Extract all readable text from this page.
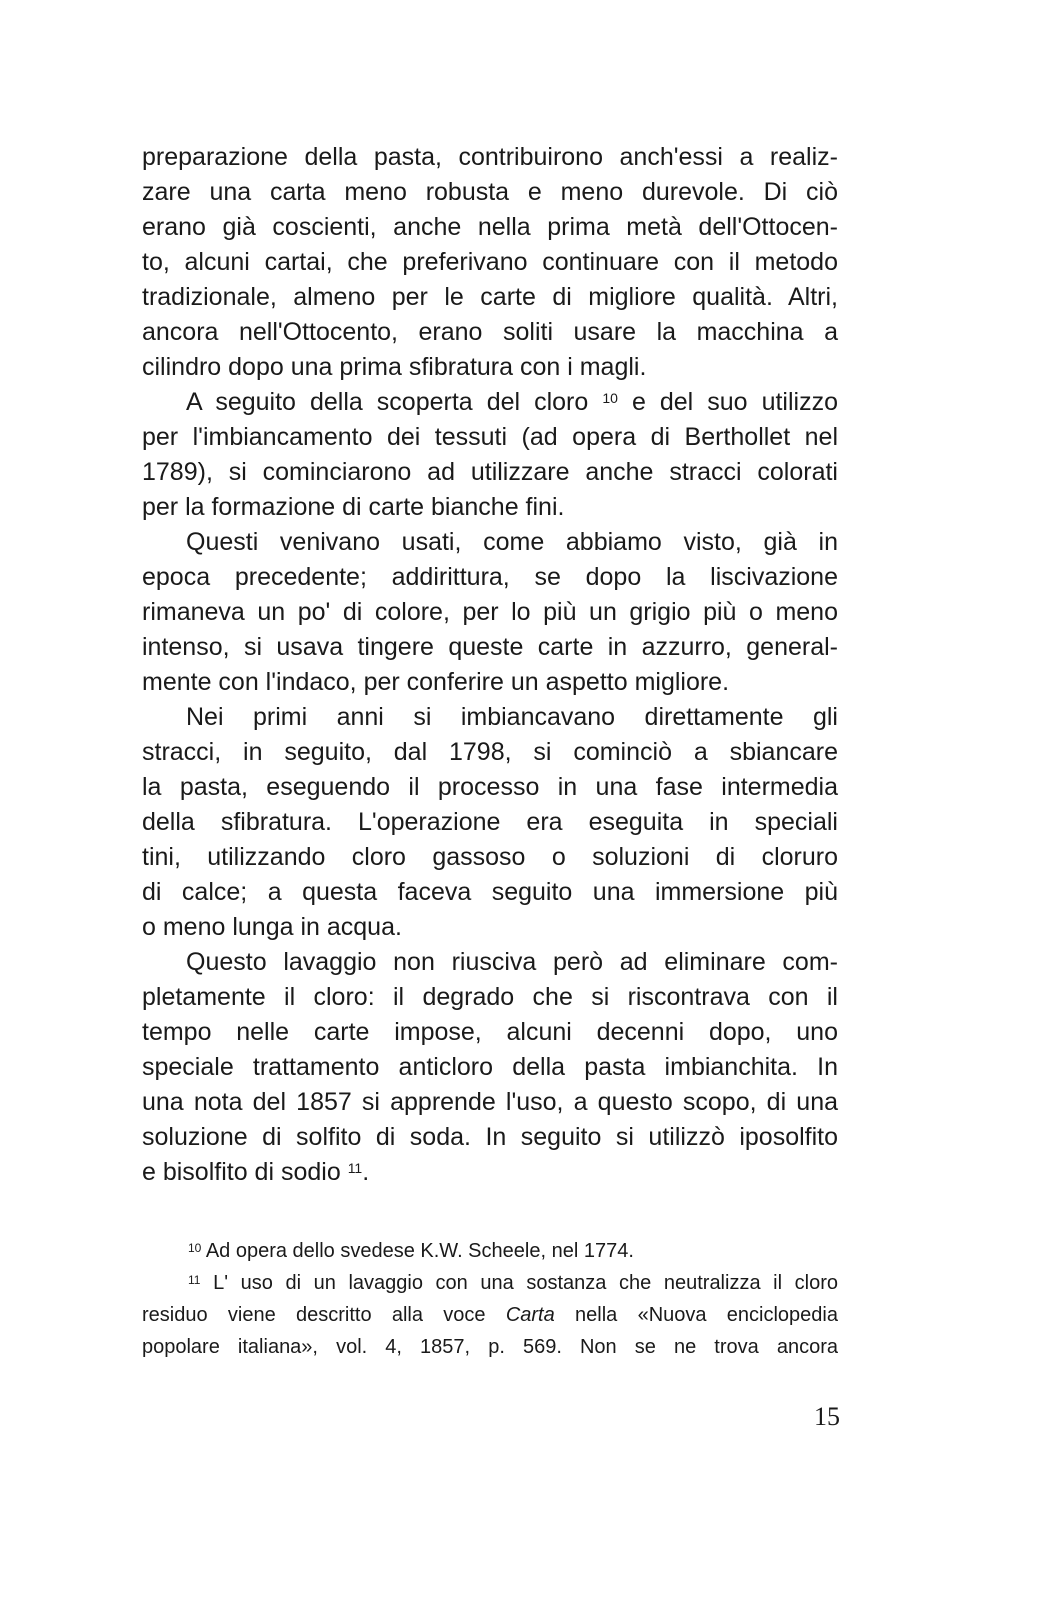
preparazione della pasta, contribuirono anch'essi a realiz-
zare una carta meno robusta e meno durevole. Di ciò
erano già coscienti, anche nella prima metà dell'Ottocen-
to, alcuni cartai, che preferivano continuare con il metodo
tradizionale, almeno per le carte di migliore qualità. Altri,
ancora nell'Ottocento, erano soliti usare la macchina a
cilindro dopo una prima sfibratura con i magli.
A seguito della scoperta del cloro $^{10}$ e del suo utilizzo
per l'imbiancamento dei tessuti (ad opera di Berthollet nel
1789), si cominciarono ad utilizzare anche stracci colorati
per la formazione di carte bianche fini.
Questi venivano usati, come abbiamo visto, già in
epoca precedente; addirittura, se dopo la liscivazione
rimaneva un po' di colore, per lo più un grigio più o meno
intenso, si usava tingere queste carte in azzurro, general-
mente con l'indaco, per conferire un aspetto migliore.
Nei primi anni si imbiancavano direttamente gli
stracci, in seguito, dal 1798, si cominciò a sbiancare
la pasta, eseguendo il processo in una fase intermedia
della sfibratura. L'operazione era eseguita in speciali
tini, utilizzando cloro gassoso o soluzioni di cloruro
di calce; a questa faceva seguito una immersione più
o meno lunga in acqua.
Questo lavaggio non riusciva però ad eliminare com-
pletamente il cloro: il degrado che si riscontrava con il
tempo nelle carte impose, alcuni decenni dopo, uno
speciale trattamento anticloro della pasta imbianchita. In
una nota del 1857 si apprende l'uso, a questo scopo, di una
soluzione di solfito di soda. In seguito si utilizzò iposolfito
e bisolfito di sodio $^{11}$.
$^{10}$ Ad opera dello svedese K.W. Scheele, nel 1774.
$^{11}$ L' uso di un lavaggio con una sostanza che neutralizza il cloro
residuo viene descritto alla voce Carta nella «Nuova enciclopedia
popolare italiana», vol. 4, 1857, p. 569. Non se ne trova ancora
15
